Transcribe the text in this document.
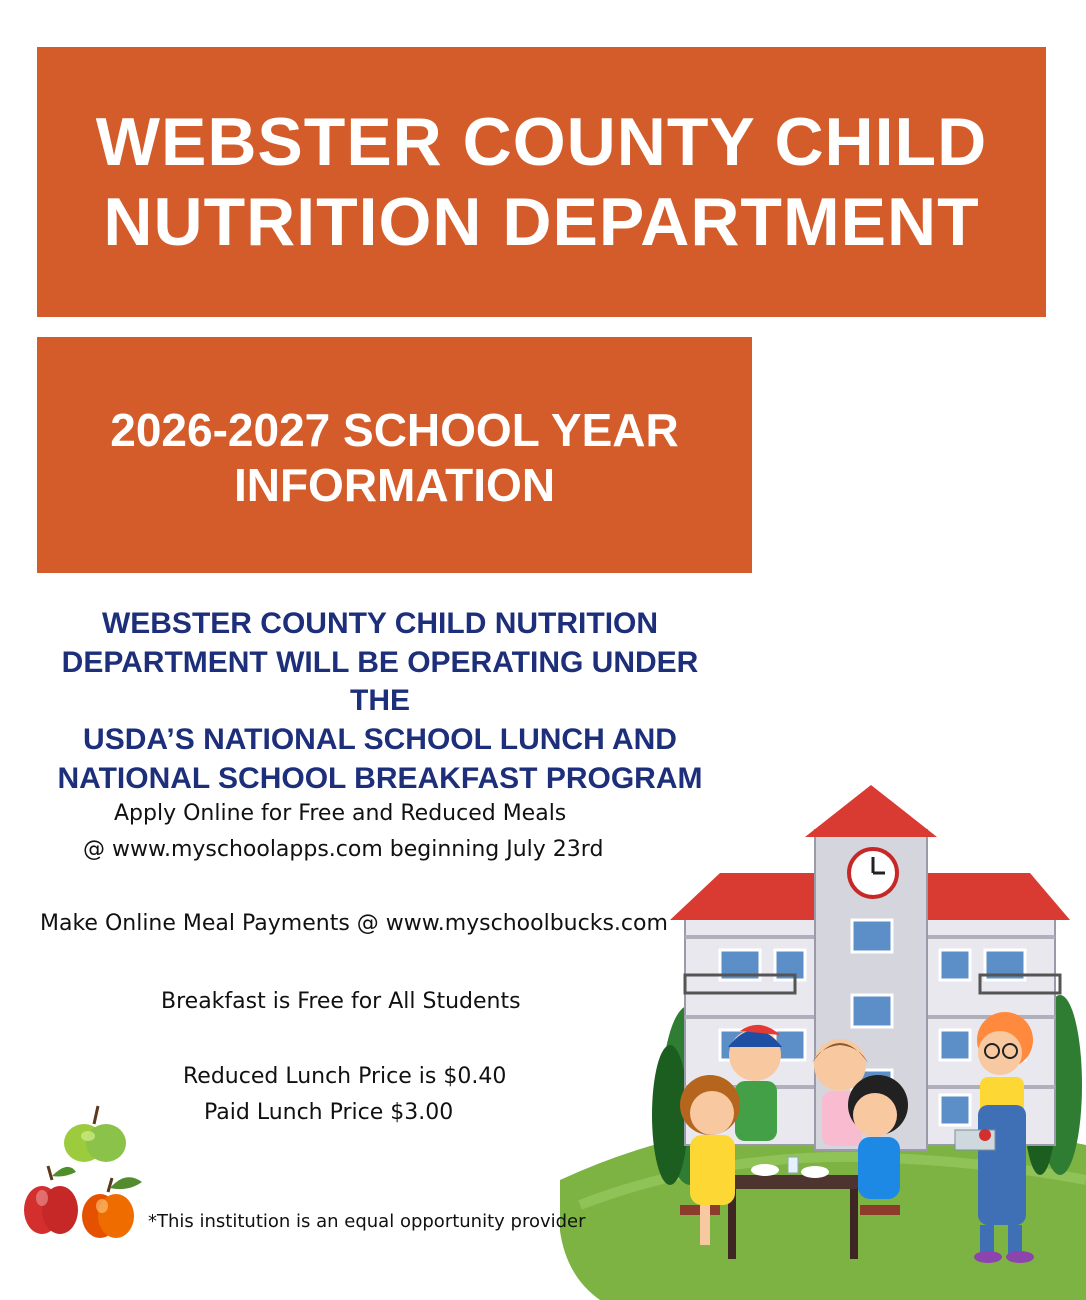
WEBSTER COUNTY CHILD
NUTRITION DEPARTMENT
2026-2027 SCHOOL YEAR
INFORMATION
WEBSTER COUNTY CHILD NUTRITION
DEPARTMENT WILL BE OPERATING UNDER THE
USDA’S NATIONAL SCHOOL LUNCH AND
NATIONAL SCHOOL BREAKFAST PROGRAM
Apply Online for Free and Reduced Meals
@ www.myschoolapps.com beginning July 23rd
Make Online Meal Payments @ www.myschoolbucks.com
Breakfast is Free for All Students
Reduced Lunch Price is $0.40
Paid Lunch Price $3.00
*This institution is an equal opportunity provider
